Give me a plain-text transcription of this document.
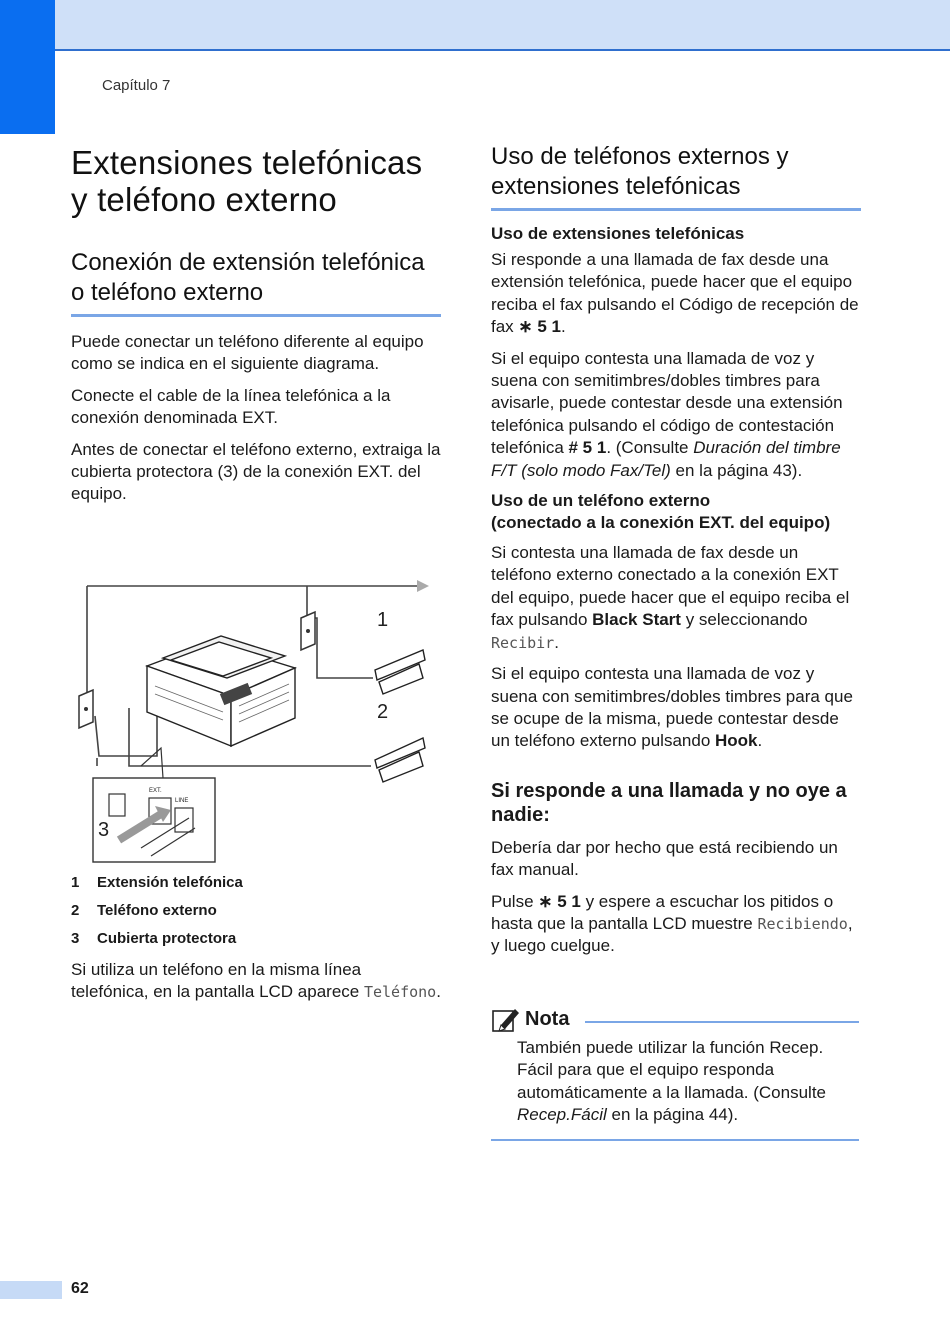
Capítulo 7
Extensiones telefónicas y teléfono externo
Conexión de extensión telefónica o teléfono externo

Puede conectar un teléfono diferente al equipo como se indica en el siguiente diagrama.

Conecte el cable de la línea telefónica a la conexión denominada EXT.

Antes de conectar el teléfono externo, extraiga la cubierta protectora (3) de la conexión EXT. del equipo.

EXT.
LINE
1
2
3
1	Extensión telefónica
2	Teléfono externo
3	Cubierta protectora

Si utiliza un teléfono en la misma línea telefónica, en la pantalla LCD aparece Teléfono.

Uso de teléfonos externos y extensiones telefónicas
Uso de extensiones telefónicas

Si responde a una llamada de fax desde una extensión telefónica, puede hacer que el equipo reciba el fax pulsando el Código de recepción de fax ∗ 5 1.

Si el equipo contesta una llamada de voz y suena con semitimbres/dobles timbres para avisarle, puede contestar desde una extensión telefónica pulsando el código de contestación telefónica # 5 1. (Consulte Duración del timbre F/T (solo modo Fax/Tel) en la página 43).

Uso de un teléfono externo
(conectado a la conexión EXT. del equipo)

Si contesta una llamada de fax desde un teléfono externo conectado a la conexión EXT del equipo, puede hacer que el equipo reciba el fax pulsando Black Start y seleccionando Recibir.

Si el equipo contesta una llamada de voz y suena con semitimbres/dobles timbres para que se ocupe de la misma, puede contestar desde un teléfono externo pulsando Hook.

Si responde a una llamada y no oye a nadie:

Debería dar por hecho que está recibiendo un fax manual.

Pulse ∗ 5 1 y espere a escuchar los pitidos o hasta que la pantalla LCD muestre Recibiendo, y luego cuelgue.

Nota
También puede utilizar la función Recep. Fácil para que el equipo responda automáticamente a la llamada. (Consulte Recep.Fácil en la página 44).
62
